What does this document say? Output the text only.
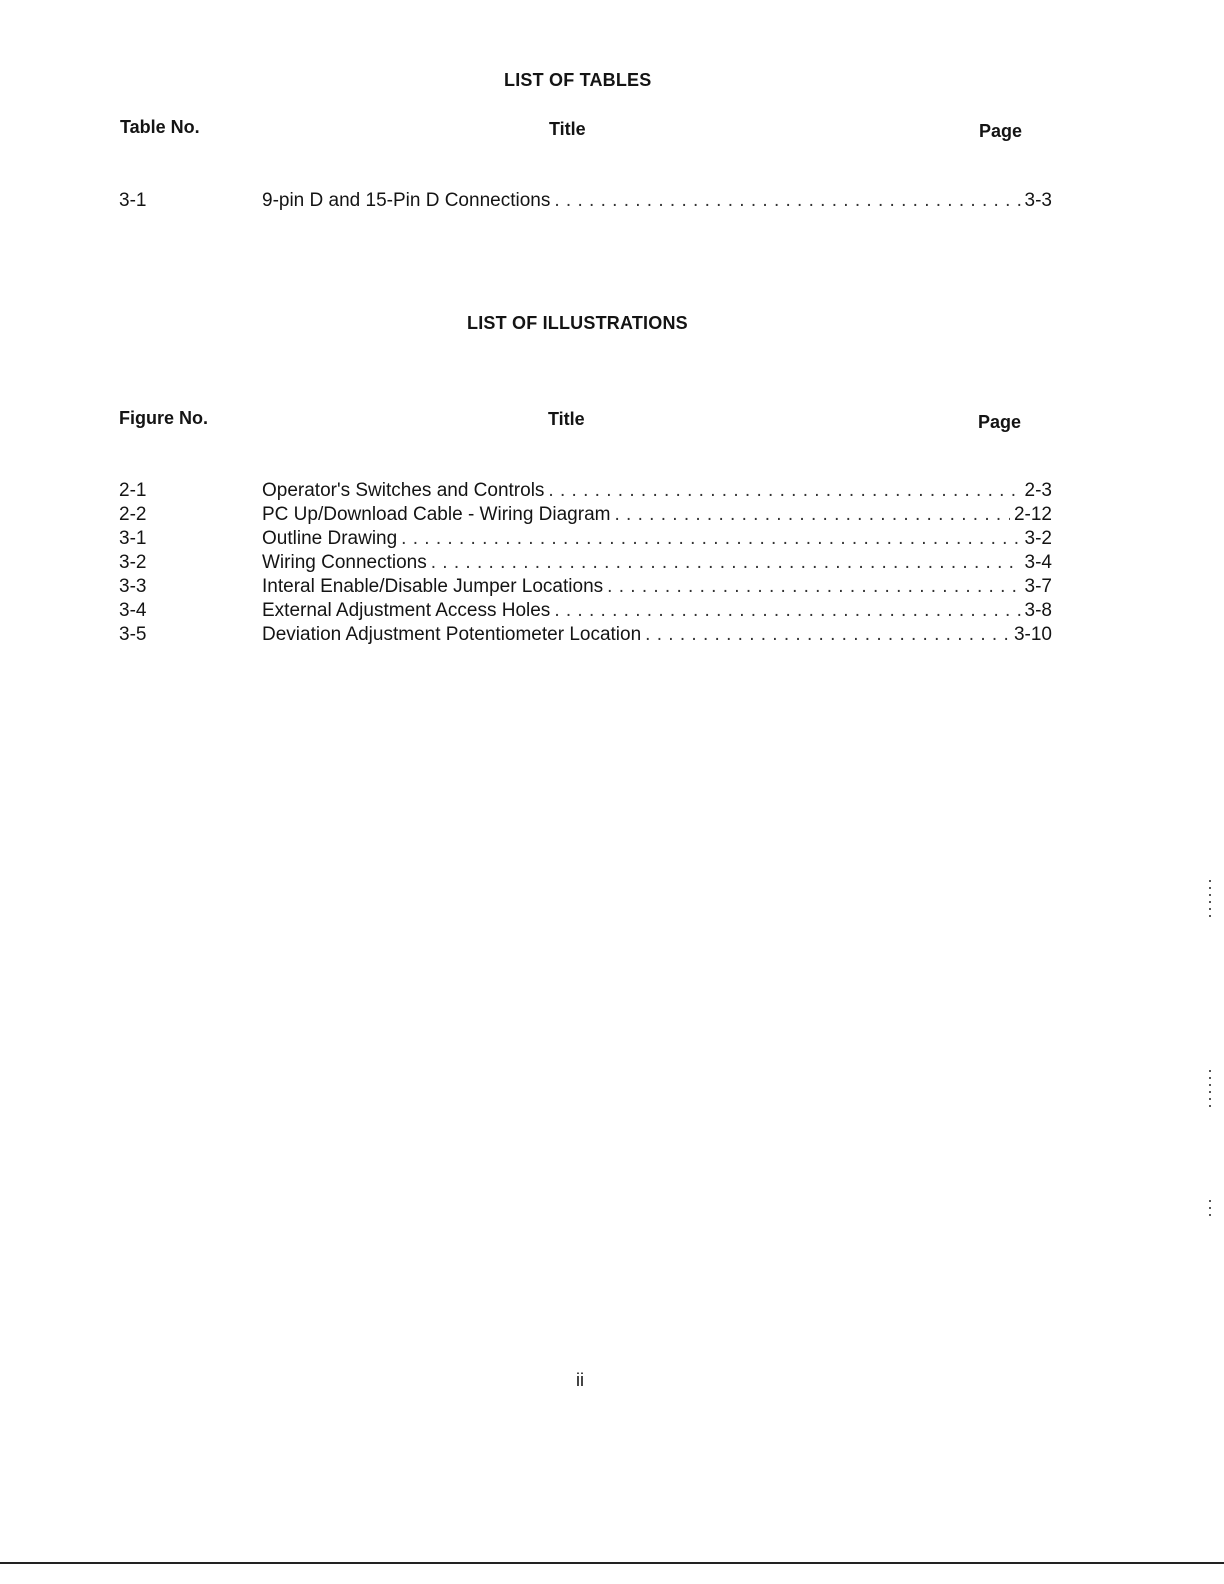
LIST OF TABLES
Table No.	Title	Page
3-1	9-pin D and 15-Pin D Connections . . .	3-3
LIST OF ILLUSTRATIONS
Figure No.	Title	Page
2-1	Operator's Switches and Controls . . .	2-3
2-2	PC Up/Download Cable - Wiring Diagram . . .	2-12
3-1	Outline Drawing . . .	3-2
3-2	Wiring Connections . . .	3-4
3-3	Interal Enable/Disable Jumper Locations . . .	3-7
3-4	External Adjustment Access Holes . . .	3-8
3-5	Deviation Adjustment Potentiometer Location . . .	3-10
ii
